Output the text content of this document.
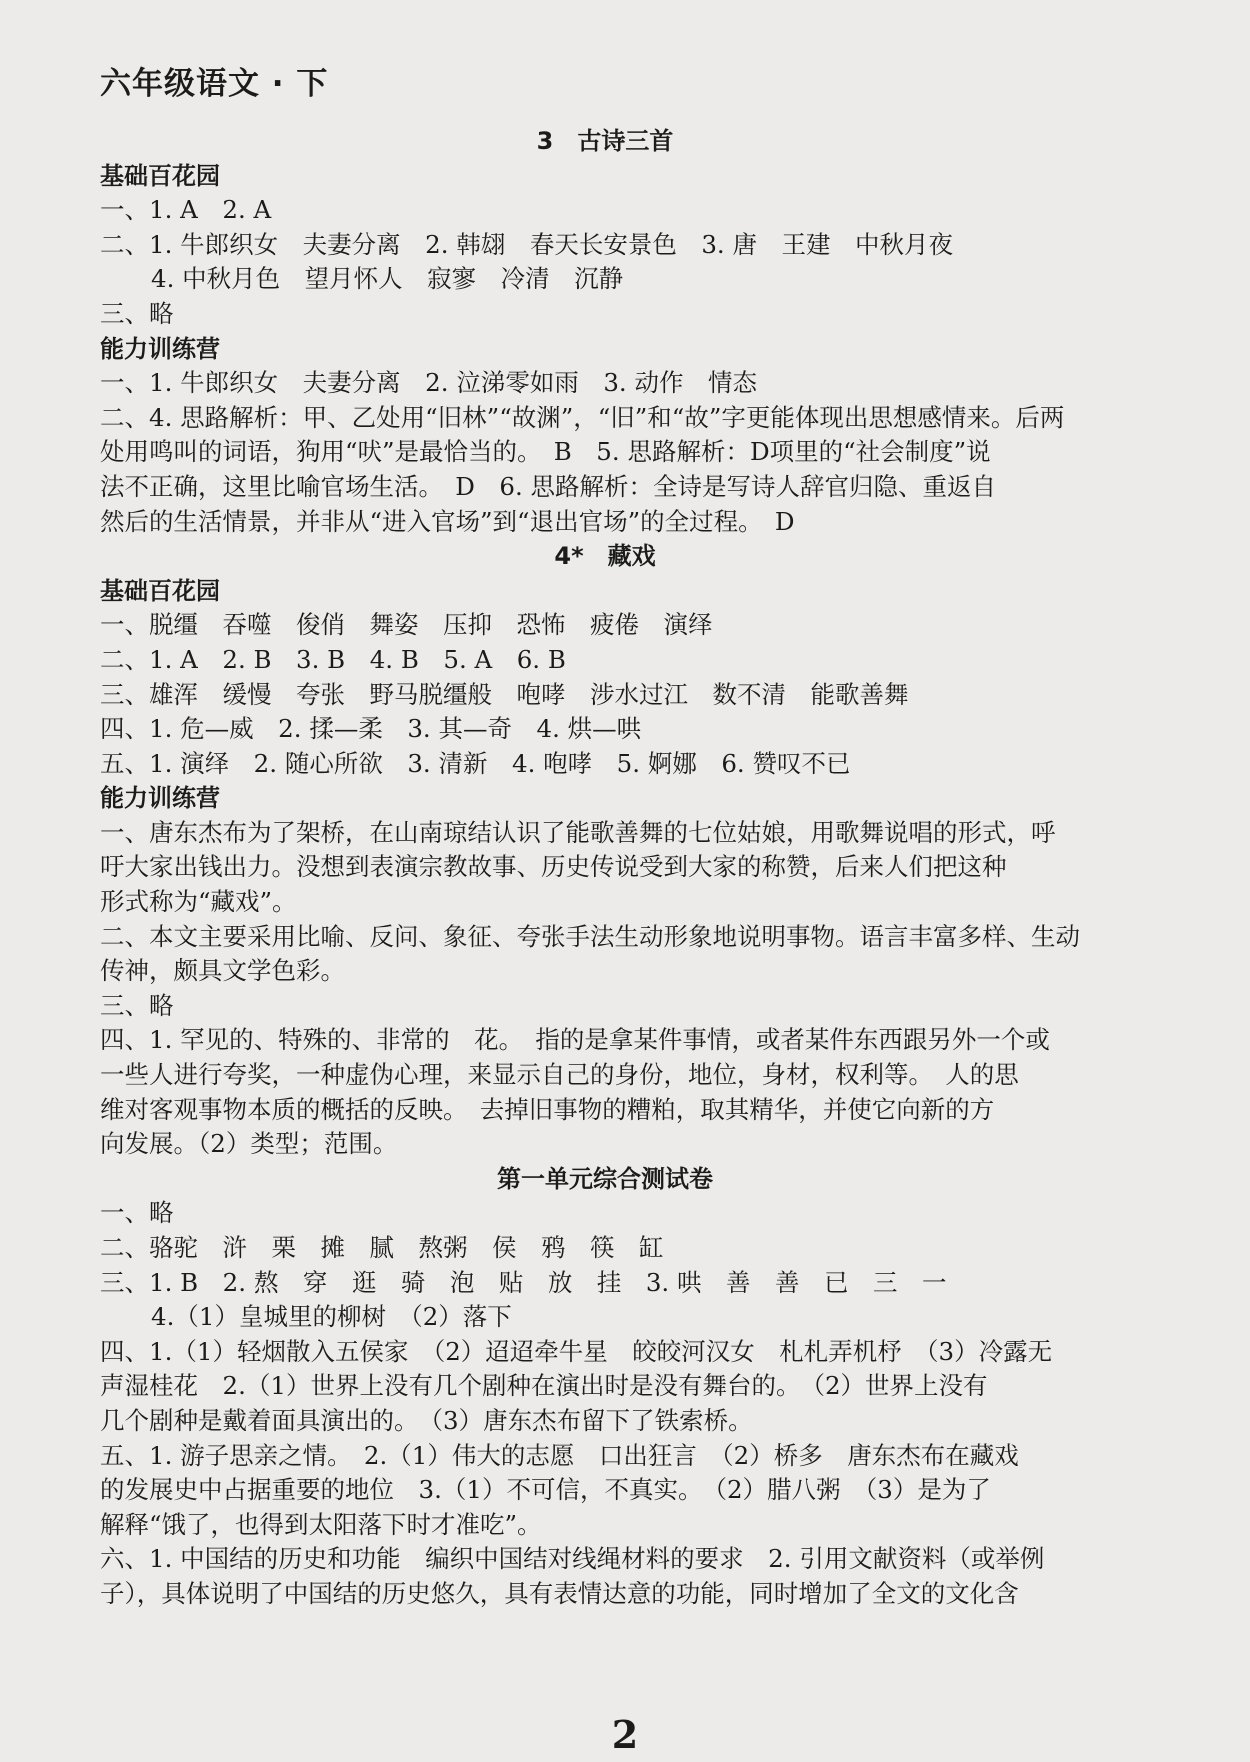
六年级语文 · 下
3　古诗三首
基础百花园
一、1. A　2. A
二、1. 牛郎织女　夫妻分离　2. 韩翃　春天长安景色　3. 唐　王建　中秋月夜
4. 中秋月色　望月怀人　寂寥　冷清　沉静
三、略
能力训练营
一、1. 牛郎织女　夫妻分离　2. 泣涕零如雨　3. 动作　情态
二、4. 思路解析：甲、乙处用“旧林”“故渊”，“旧”和“故”字更能体现出思想感情来。后两
处用鸣叫的词语，狗用“吠”是最恰当的。　B　5. 思路解析：D项里的“社会制度”说
法不正确，这里比喻官场生活。　D　6. 思路解析：全诗是写诗人辞官归隐、重返自
然后的生活情景，并非从“进入官场”到“退出官场”的全过程。　D
4*　藏戏
基础百花园
一、脱缰　吞噬　俊俏　舞姿　压抑　恐怖　疲倦　演绎
二、1. A　2. B　3. B　4. B　5. A　6. B
三、雄浑　缓慢　夸张　野马脱缰般　咆哮　涉水过江　数不清　能歌善舞
四、1. 危—威　2. 揉—柔　3. 其—奇　4. 烘—哄
五、1. 演绎　2. 随心所欲　3. 清新　4. 咆哮　5. 婀娜　6. 赞叹不已
能力训练营
一、唐东杰布为了架桥，在山南琼结认识了能歌善舞的七位姑娘，用歌舞说唱的形式，呼
吁大家出钱出力。没想到表演宗教故事、历史传说受到大家的称赞，后来人们把这种
形式称为“藏戏”。
二、本文主要采用比喻、反问、象征、夸张手法生动形象地说明事物。语言丰富多样、生动
传神，颇具文学色彩。
三、略
四、1. 罕见的、特殊的、非常的　花。　指的是拿某件事情，或者某件东西跟另外一个或
一些人进行夸奖，一种虚伪心理，来显示自己的身份，地位，身材，权利等。　人的思
维对客观事物本质的概括的反映。　去掉旧事物的糟粕，取其精华，并使它向新的方
向发展。（2）类型；范围。
第一单元综合测试卷
一、略
二、骆驼　浒　栗　摊　腻　熬粥　侯　鸦　筷　缸
三、1. B　2. 熬　穿　逛　骑　泡　贴　放　挂　3. 哄　善　善　已　三　一
4.（1）皇城里的柳树　（2）落下
四、1.（1）轻烟散入五侯家　（2）迢迢牵牛星　皎皎河汉女　札札弄机杼　（3）冷露无
声湿桂花　2.（1）世界上没有几个剧种在演出时是没有舞台的。　（2）世界上没有
几个剧种是戴着面具演出的。　（3）唐东杰布留下了铁索桥。
五、1. 游子思亲之情。　2.（1）伟大的志愿　口出狂言　（2）桥多　唐东杰布在藏戏
的发展史中占据重要的地位　3.（1）不可信，不真实。　（2）腊八粥　（3）是为了
解释“饿了，也得到太阳落下时才准吃”。
六、1. 中国结的历史和功能　编织中国结对线绳材料的要求　2. 引用文献资料（或举例
子），具体说明了中国结的历史悠久，具有表情达意的功能，同时增加了全文的文化含
2
